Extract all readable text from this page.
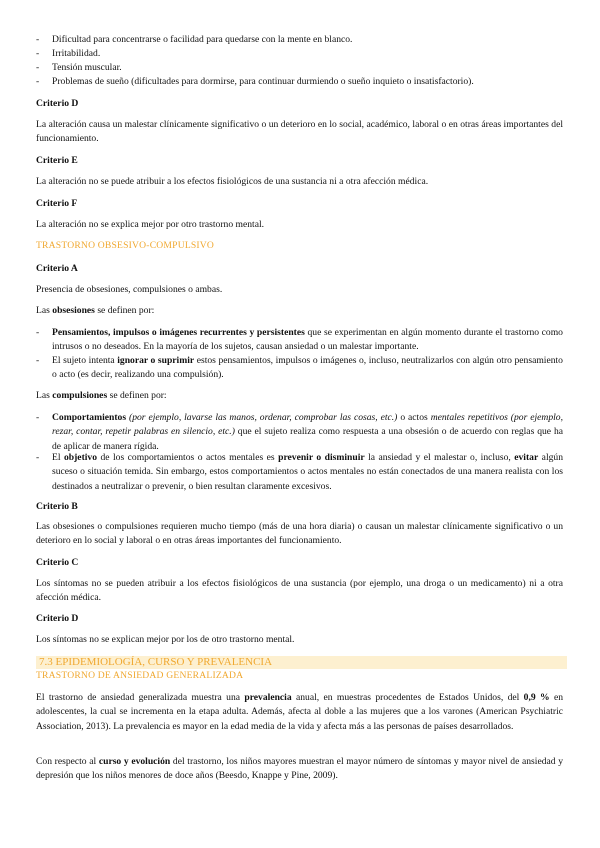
- Dificultad para concentrarse o facilidad para quedarse con la mente en blanco.

- Irritabilidad.

- Tensión muscular.

- Problemas de sueño (dificultades para dormirse, para continuar durmiendo o sueño inquieto o insatisfactorio).

Criterio D

La alteración causa un malestar clínicamente significativo o un deterioro en lo social, académico, laboral o en otras áreas importantes del funcionamiento.

Criterio E

La alteración no se puede atribuir a los efectos fisiológicos de una sustancia ni a otra afección médica.

Criterio F

La alteración no se explica mejor por otro trastorno mental.

TRASTORNO OBSESIVO-COMPULSIVO

Criterio A

Presencia de obsesiones, compulsiones o ambas.

Las obsesiones se definen por:

- Pensamientos, impulsos o imágenes recurrentes y persistentes que se experimentan en algún momento durante el trastorno como intrusos o no deseados. En la mayoría de los sujetos, causan ansiedad o un malestar importante.

- El sujeto intenta ignorar o suprimir estos pensamientos, impulsos o imágenes o, incluso, neutralizarlos con algún otro pensamiento o acto (es decir, realizando una compulsión).

Las compulsiones se definen por:

- Comportamientos (por ejemplo, lavarse las manos, ordenar, comprobar las cosas, etc.) o actos mentales repetitivos (por ejemplo, rezar, contar, repetir palabras en silencio, etc.) que el sujeto realiza como respuesta a una obsesión o de acuerdo con reglas que ha de aplicar de manera rígida.

- El objetivo de los comportamientos o actos mentales es prevenir o disminuir la ansiedad y el malestar o, incluso, evitar algún suceso o situación temida. Sin embargo, estos comportamientos o actos mentales no están conectados de una manera realista con los destinados a neutralizar o prevenir, o bien resultan claramente excesivos.

Criterio B

Las obsesiones o compulsiones requieren mucho tiempo (más de una hora diaria) o causan un malestar clínicamente significativo o un deterioro en lo social y laboral o en otras áreas importantes del funcionamiento.

Criterio C

Los síntomas no se pueden atribuir a los efectos fisiológicos de una sustancia (por ejemplo, una droga o un medicamento) ni a otra afección médica.

Criterio D

Los síntomas no se explican mejor por los de otro trastorno mental.

7.3 EPIDEMIOLOGÍA, CURSO Y PREVALENCIA

TRASTORNO DE ANSIEDAD GENERALIZADA

El trastorno de ansiedad generalizada muestra una prevalencia anual, en muestras procedentes de Estados Unidos, del 0,9 % en adolescentes, la cual se incrementa en la etapa adulta. Además, afecta al doble a las mujeres que a los varones (American Psychiatric Association, 2013). La prevalencia es mayor en la edad media de la vida y afecta más a las personas de países desarrollados.

Con respecto al curso y evolución del trastorno, los niños mayores muestran el mayor número de síntomas y mayor nivel de ansiedad y depresión que los niños menores de doce años (Beesdo, Knappe y Pine, 2009).
